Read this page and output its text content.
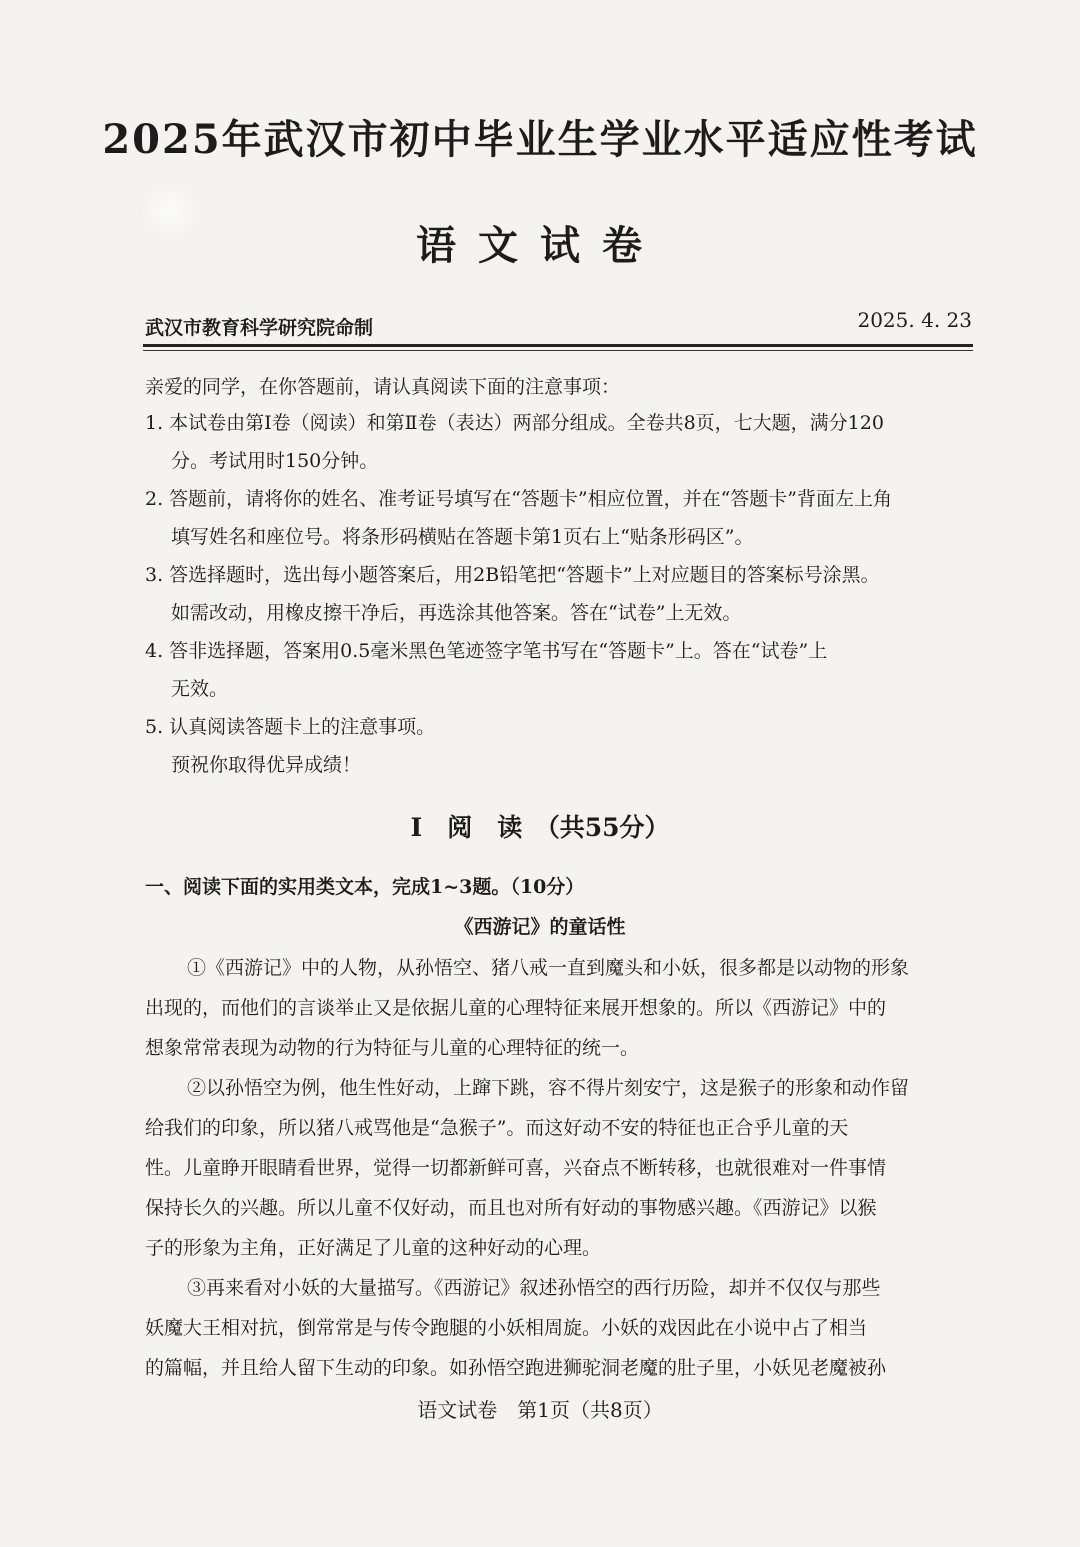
2025年武汉市初中毕业生学业水平适应性考试
语文试卷
武汉市教育科学研究院命制	2025. 4. 23
亲爱的同学，在你答题前，请认真阅读下面的注意事项：
1. 本试卷由第Ⅰ卷（阅读）和第Ⅱ卷（表达）两部分组成。全卷共8页，七大题，满分120
分。考试用时150分钟。
2. 答题前，请将你的姓名、准考证号填写在“答题卡”相应位置，并在“答题卡”背面左上角
填写姓名和座位号。将条形码横贴在答题卡第1页右上“贴条形码区”。
3. 答选择题时，选出每小题答案后，用2B铅笔把“答题卡”上对应题目的答案标号涂黑。
如需改动，用橡皮擦干净后，再选涂其他答案。答在“试卷”上无效。
4. 答非选择题，答案用0.5毫米黑色笔迹签字笔书写在“答题卡”上。答在“试卷”上
无效。
5. 认真阅读答题卡上的注意事项。
预祝你取得优异成绩！
Ⅰ　阅　读　（共55分）
一、阅读下面的实用类文本，完成1~3题。（10分）
《西游记》的童话性
①《西游记》中的人物，从孙悟空、猪八戒一直到魔头和小妖，很多都是以动物的形象
出现的，而他们的言谈举止又是依据儿童的心理特征来展开想象的。所以《西游记》中的
想象常常表现为动物的行为特征与儿童的心理特征的统一。
②以孙悟空为例，他生性好动，上蹿下跳，容不得片刻安宁，这是猴子的形象和动作留
给我们的印象，所以猪八戒骂他是“急猴子”。而这好动不安的特征也正合乎儿童的天
性。儿童睁开眼睛看世界，觉得一切都新鲜可喜，兴奋点不断转移，也就很难对一件事情
保持长久的兴趣。所以儿童不仅好动，而且也对所有好动的事物感兴趣。《西游记》以猴
子的形象为主角，正好满足了儿童的这种好动的心理。
③再来看对小妖的大量描写。《西游记》叙述孙悟空的西行历险，却并不仅仅与那些
妖魔大王相对抗，倒常常是与传令跑腿的小妖相周旋。小妖的戏因此在小说中占了相当
的篇幅，并且给人留下生动的印象。如孙悟空跑进狮驼洞老魔的肚子里，小妖见老魔被孙
语文试卷　第1页（共8页）
